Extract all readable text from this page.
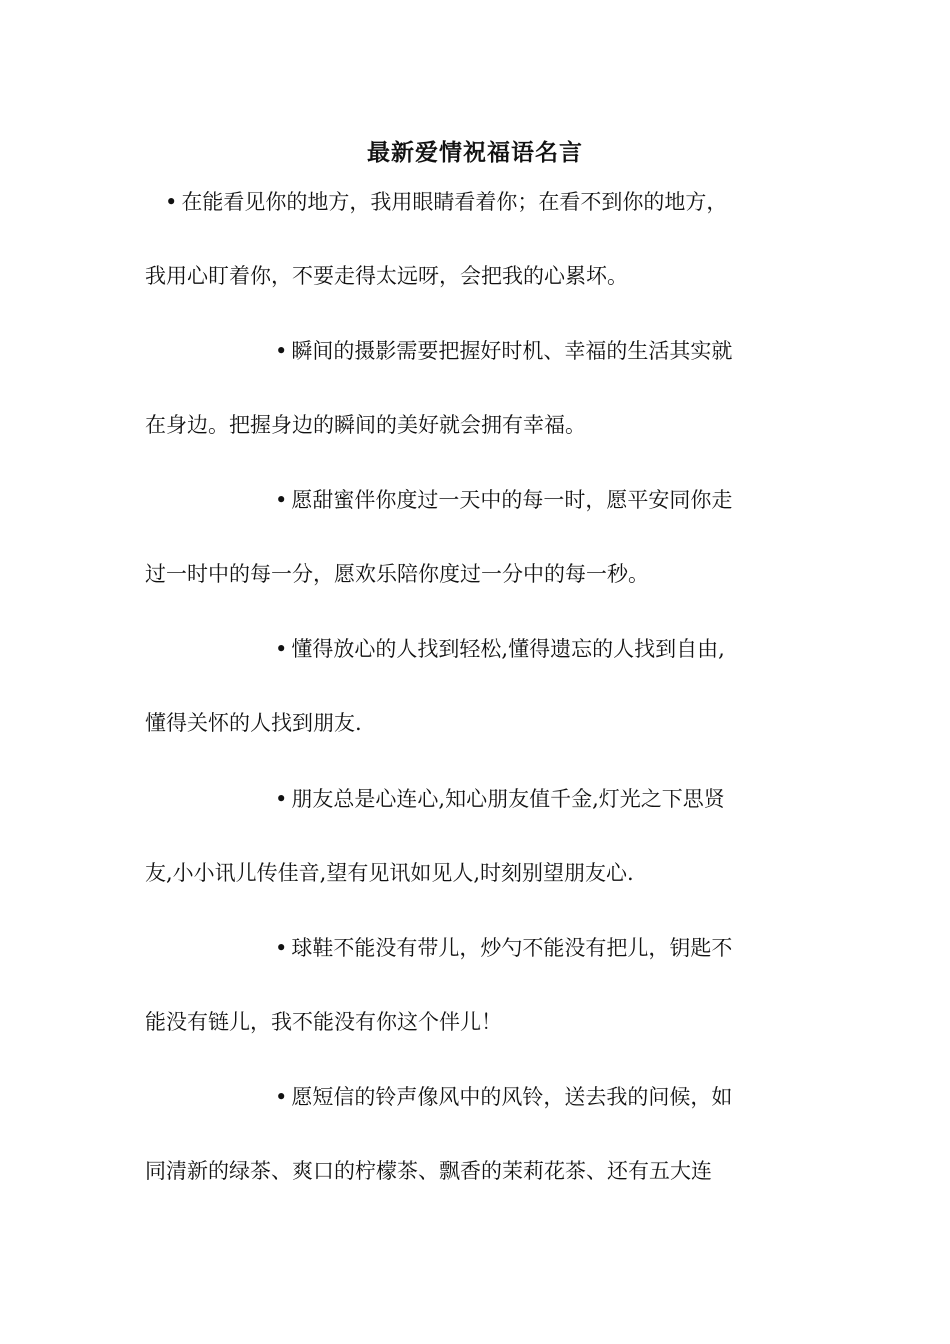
最新爱情祝福语名言
• 在能看见你的地方，我用眼睛看着你；在看不到你的地方，
我用心盯着你，不要走得太远呀，会把我的心累坏。
• 瞬间的摄影需要把握好时机、幸福的生活其实就
在身边。把握身边的瞬间的美好就会拥有幸福。
• 愿甜蜜伴你度过一天中的每一时，愿平安同你走
过一时中的每一分，愿欢乐陪你度过一分中的每一秒。
• 懂得放心的人找到轻松,懂得遗忘的人找到自由,
懂得关怀的人找到朋友.
• 朋友总是心连心,知心朋友值千金,灯光之下思贤
友,小小讯儿传佳音,望有见讯如见人,时刻别望朋友心.
• 球鞋不能没有带儿，炒勺不能没有把儿，钥匙不
能没有链儿，我不能没有你这个伴儿！
• 愿短信的铃声像风中的风铃，送去我的问候，如
同清新的绿茶、爽口的柠檬茶、飘香的茉莉花茶、还有五大连
